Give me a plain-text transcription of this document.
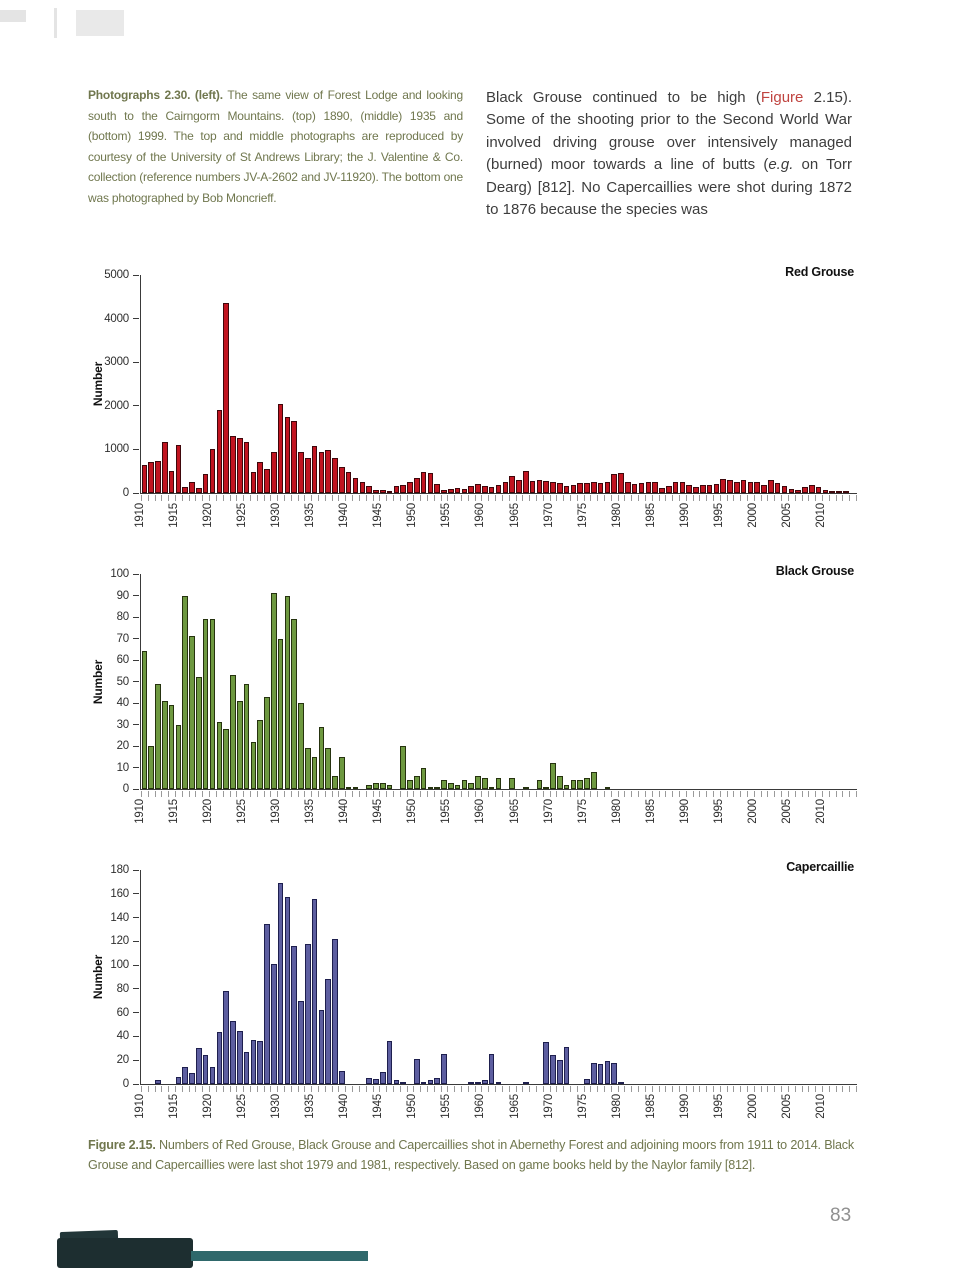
Photographs 2.30. (left). The same view of Forest Lodge and looking south to the Cairngorm Mountains. (top) 1890, (middle) 1935 and (bottom) 1999. The top and middle photographs are reproduced by courtesy of the University of St Andrews Library; the J. Valentine & Co. collection (reference numbers JV-A-2602 and JV-11920). The bottom one was photographed by Bob Moncrieff.
Black Grouse continued to be high (Figure 2.15). Some of the shooting prior to the Second World War involved driving grouse over intensively managed (burned) moor towards a line of butts (e.g. on Torr Dearg) [812]. No Capercaillies were shot during 1872 to 1876 because the species was
0
1000
2000
3000
4000
5000
1910 1915 1920 1925 1930 1935 1940 1945 1950 1955 1960 1965 1970 1975 1980 1985 1990 1995 2000 2005 2010
Red Grouse
Number
0
10
20
30
40
50
60
70
80
90
100
1910 1915 1920 1925 1930 1935 1940 1945 1950 1955 1960 1965 1970 1975 1980 1985 1990 1995 2000 2005 2010
Black Grouse
Number
0
20
40
60
80
100
120
140
160
180
1910 1915 1920 1925 1930 1935 1940 1945 1950 1955 1960 1965 1970 1975 1980 1985 1990 1995 2000 2005 2010
Capercaillie
Number
Figure 2.15. Numbers of Red Grouse, Black Grouse and Capercaillies shot in Abernethy Forest and adjoining moors from 1911 to 2014. Black Grouse and Capercaillies were last shot 1979 and 1981, respectively. Based on game books held by the Naylor family [812].
83
